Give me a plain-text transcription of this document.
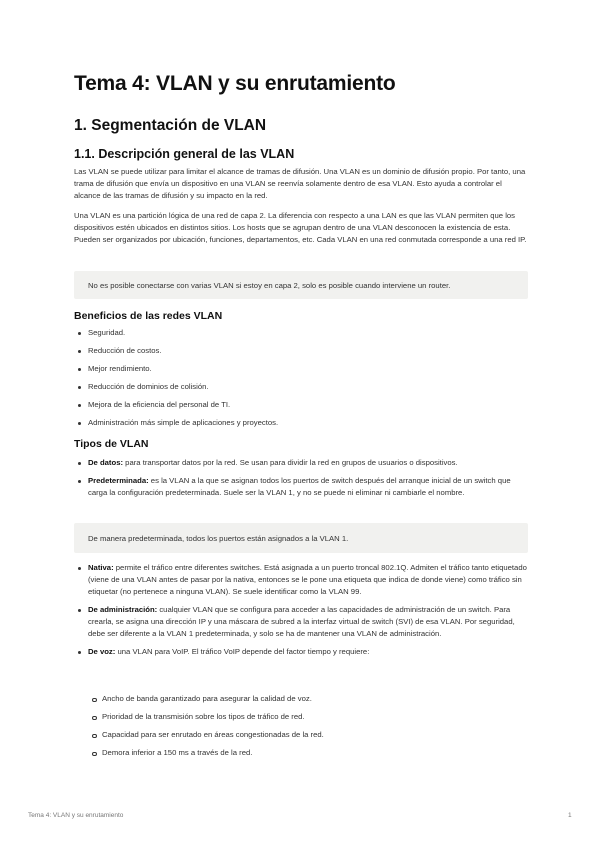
Tema 4: VLAN y su enrutamiento
1. Segmentación de VLAN
1.1. Descripción general de las VLAN

Las VLAN se puede utilizar para limitar el alcance de tramas de difusión. Una VLAN es un dominio de difusión propio. Por tanto, una trama de difusión que envía un dispositivo en una VLAN se reenvía solamente dentro de esa VLAN. Esto ayuda a controlar el alcance de las tramas de difusión y su impacto en la red.

Una VLAN es una partición lógica de una red de capa 2. La diferencia con respecto a una LAN es que las VLAN permiten que los dispositivos estén ubicados en distintos sitios. Los hosts que se agrupan dentro de una VLAN desconocen la existencia de esta. Pueden ser organizados por ubicación, funciones, departamentos, etc. Cada VLAN en una red conmutada corresponde a una red IP.

No es posible conectarse con varias VLAN si estoy en capa 2, solo es posible cuando interviene un router.
Beneficios de las redes VLAN
Seguridad.
Reducción de costos.
Mejor rendimiento.
Reducción de dominios de colisión.
Mejora de la eficiencia del personal de TI.
Administración más simple de aplicaciones y proyectos.
Tipos de VLAN
De datos: para transportar datos por la red. Se usan para dividir la red en grupos de usuarios o dispositivos.
Predeterminada: es la VLAN a la que se asignan todos los puertos de switch después del arranque inicial de un switch que carga la configuración predeterminada. Suele ser la VLAN 1, y no se puede ni eliminar ni cambiarle el nombre.
De manera predeterminada, todos los puertos están asignados a la VLAN 1.
Nativa: permite el tráfico entre diferentes switches. Está asignada a un puerto troncal 802.1Q. Admiten el tráfico tanto etiquetado (viene de una VLAN antes de pasar por la nativa, entonces se le pone una etiqueta que indica de donde viene) como tráfico sin etiquetar (no pertenece a ninguna VLAN). Se suele identificar como la VLAN 99.
De administración: cualquier VLAN que se configura para acceder a las capacidades de administración de un switch. Para crearla, se asigna una dirección IP y una máscara de subred a la interfaz virtual de switch (SVI) de esa VLAN. Por seguridad, debe ser diferente a la VLAN 1 predeterminada, y solo se ha de mantener una VLAN de administración.
De voz: una VLAN para VoIP. El tráfico VoIP depende del factor tiempo y requiere:
Ancho de banda garantizado para asegurar la calidad de voz.
Prioridad de la transmisión sobre los tipos de tráfico de red.
Capacidad para ser enrutado en áreas congestionadas de la red.
Demora inferior a 150 ms a través de la red.
Tema 4: VLAN y su enrutamiento	1
